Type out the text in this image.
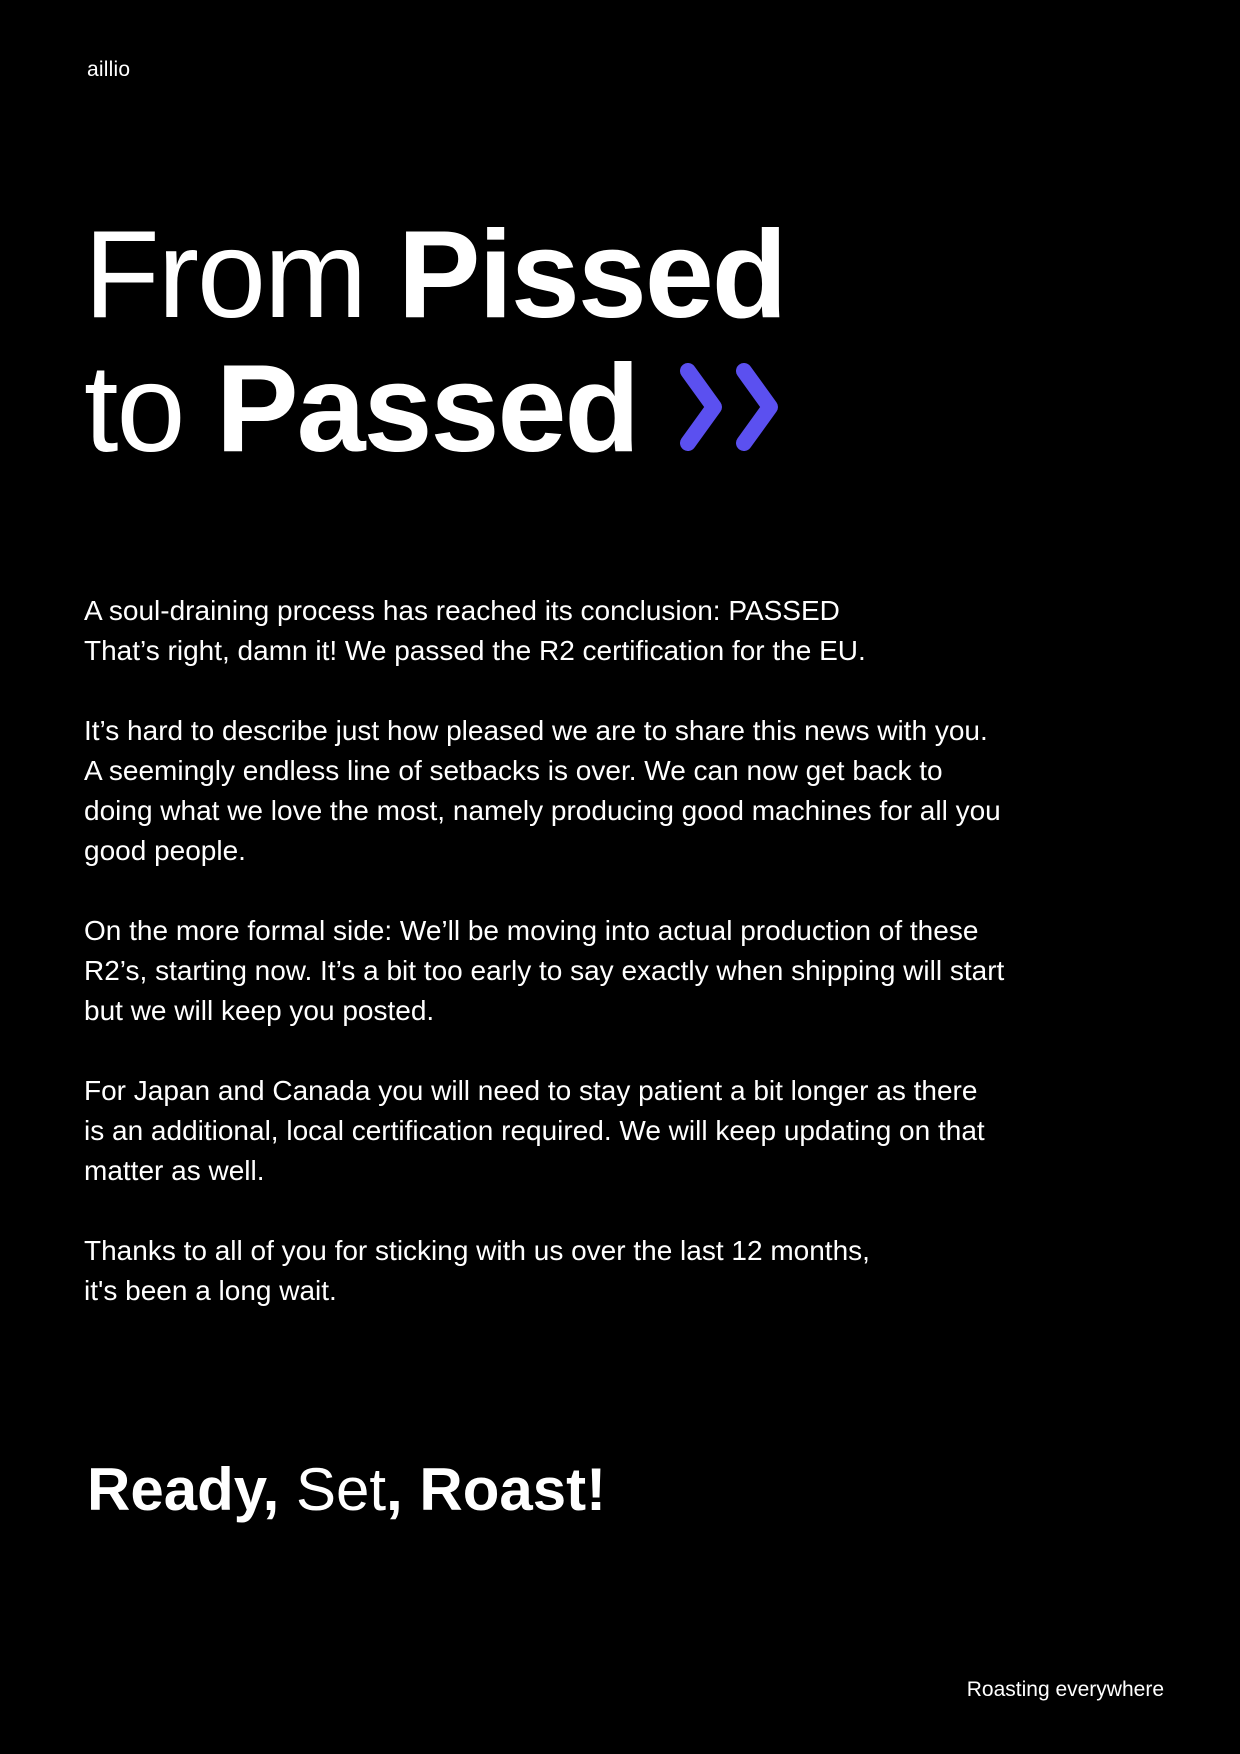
aillio
From Pissed
to Passed

A soul-draining process has reached its conclusion: PASSED
That’s right, damn it! We passed the R2 certification for the EU.

It’s hard to describe just how pleased we are to share this news with you.
A seemingly endless line of setbacks is over. We can now get back to
doing what we love the most, namely producing good machines for all you
good people.

On the more formal side: We’ll be moving into actual production of these
R2’s, starting now. It’s a bit too early to say exactly when shipping will start
but we will keep you posted.

For Japan and Canada you will need to stay patient a bit longer as there
is an additional, local certification required. We will keep updating on that
matter as well.

Thanks to all of you for sticking with us over the last 12 months,
it's been a long wait.

Ready, Set, Roast!
Roasting everywhere
